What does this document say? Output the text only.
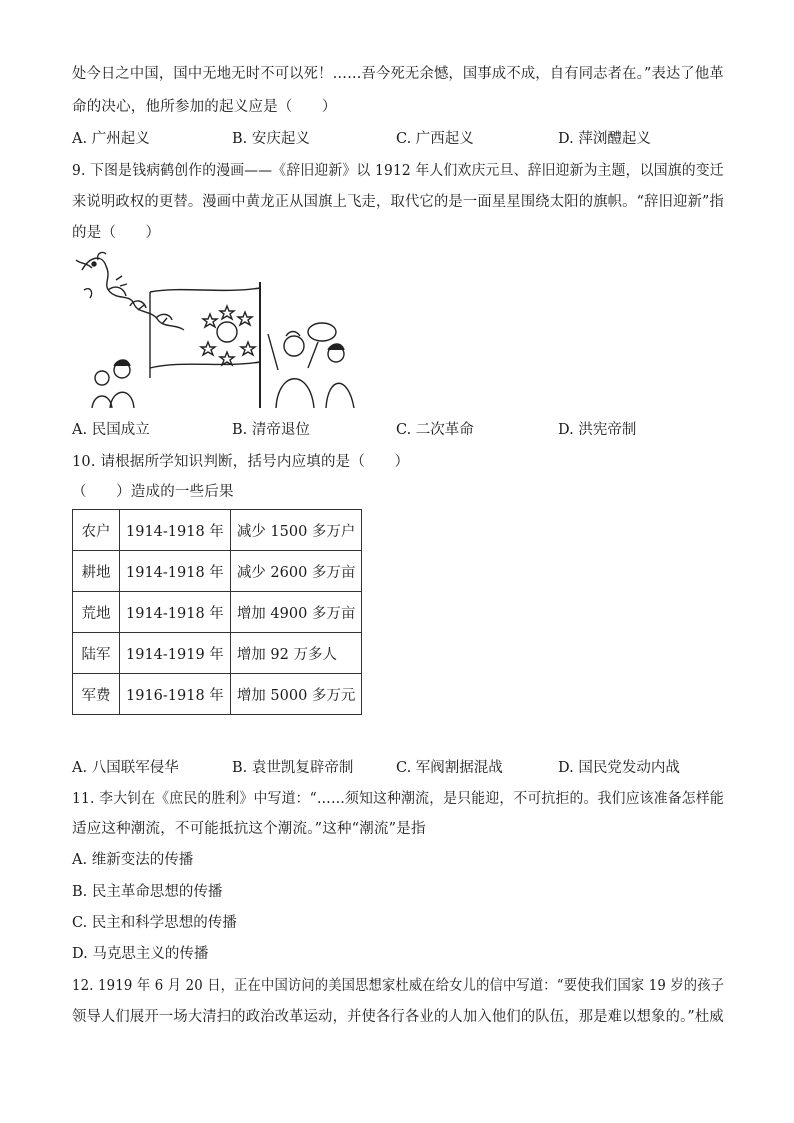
处今日之中国，国中无地无时不可以死！……吾今死无余憾，国事成不成，自有同志者在。”表达了他革
命的决心，他所参加的起义应是（　　）
A. 广州起义	B. 安庆起义	C. 广西起义	D. 萍浏醴起义
9. 下图是钱病鹤创作的漫画——《辞旧迎新》以 1912 年人们欢庆元旦、辞旧迎新为主题，以国旗的变迁
来说明政权的更替。漫画中黄龙正从国旗上飞走，取代它的是一面星星围绕太阳的旗帜。“辞旧迎新”指
的是（　　）
A. 民国成立	B. 清帝退位	C. 二次革命	D. 洪宪帝制
10. 请根据所学知识判断，括号内应填的是（　　）
（　　）造成的一些后果
农户	1914-1918 年	减少 1500 多万户
耕地	1914-1918 年	减少 2600 多万亩
荒地	1914-1918 年	增加 4900 多万亩
陆军	1914-1919 年	增加 92 万多人
军费	1916-1918 年	增加 5000 多万元
A. 八国联军侵华	B. 袁世凯复辟帝制	C. 军阀割据混战	D. 国民党发动内战
11. 李大钊在《庶民的胜利》中写道：“……须知这种潮流，是只能迎，不可抗拒的。我们应该准备怎样能
适应这种潮流，不可能抵抗这个潮流。”这种“潮流”是指
A. 维新变法的传播
B. 民主革命思想的传播
C. 民主和科学思想的传播
D. 马克思主义的传播
12. 1919 年 6 月 20 日，正在中国访问的美国思想家杜威在给女儿的信中写道：“要使我们国家 19 岁的孩子
领导人们展开一场大清扫的政治改革运动，并使各行各业的人加入他们的队伍，那是难以想象的。”杜威
